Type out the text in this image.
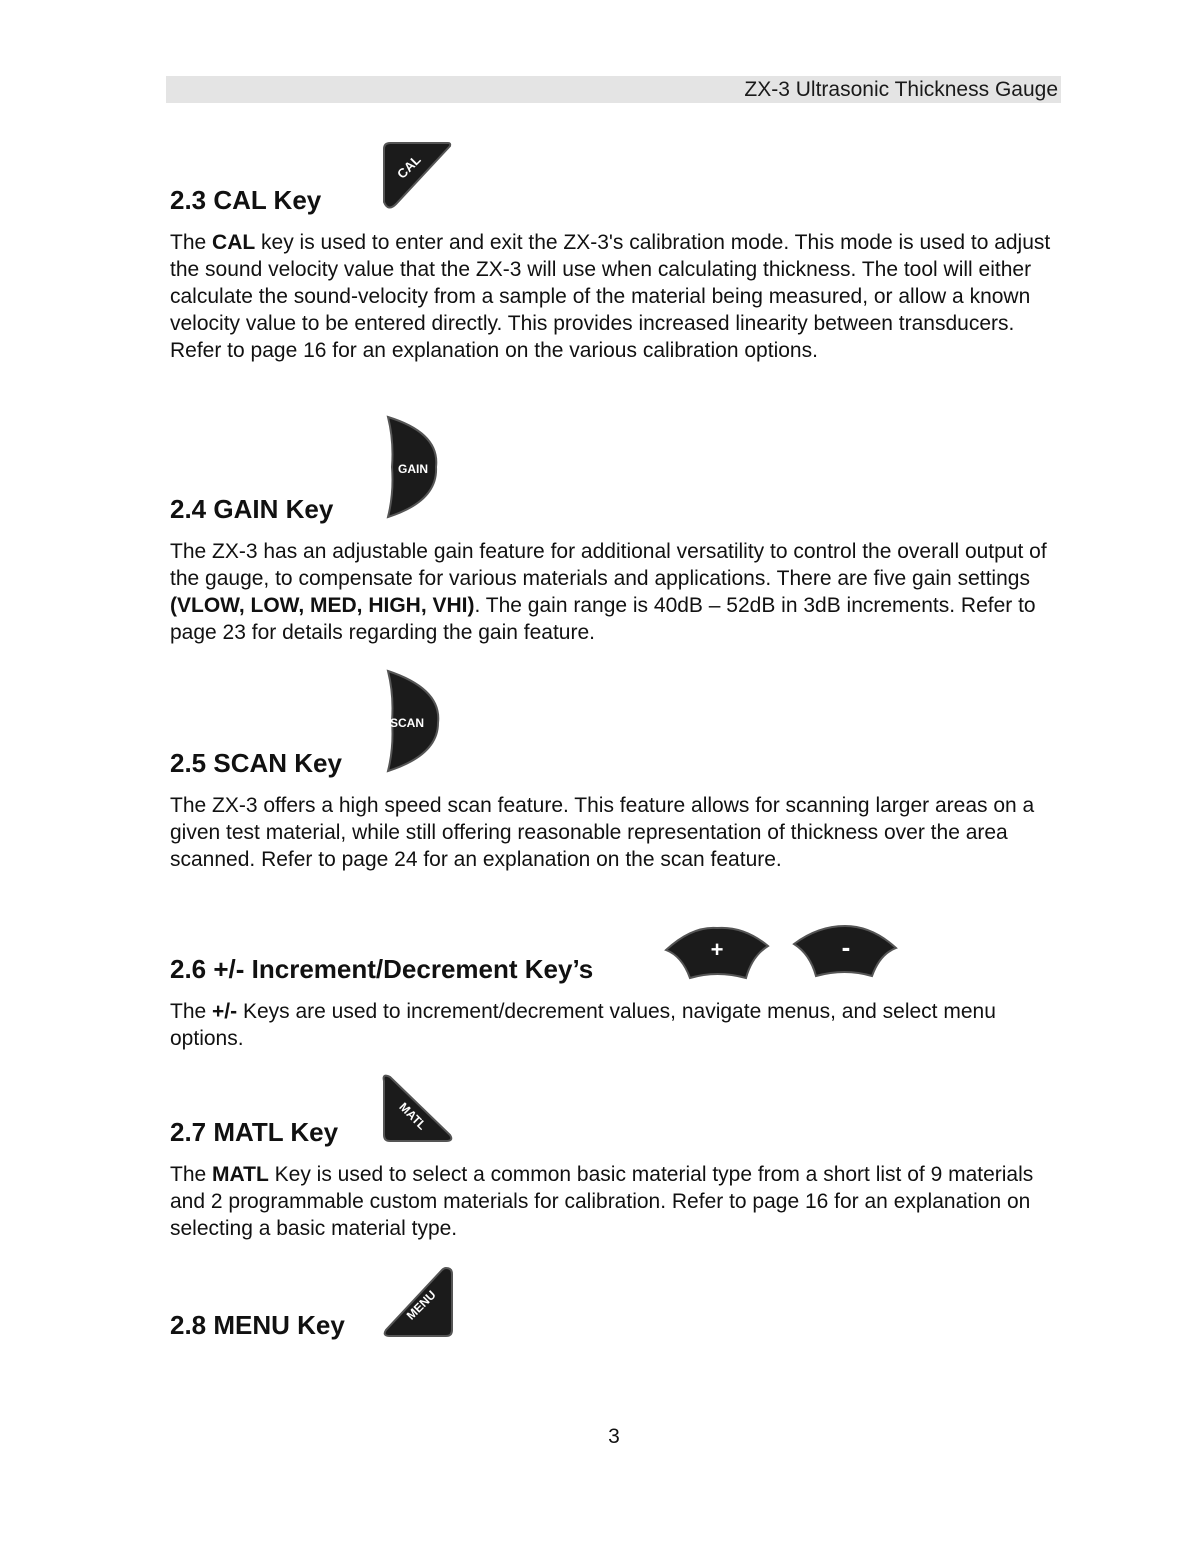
ZX-3 Ultrasonic Thickness Gauge
2.3 CAL Key
CAL

The CAL key is used to enter and exit the ZX-3's calibration mode. This mode is used to adjust the sound velocity value that the ZX-3 will use when calculating thickness. The tool will either calculate the sound-velocity from a sample of the material being measured, or allow a known velocity value to be entered directly. This provides increased linearity between transducers. Refer to page 16 for an explanation on the various calibration options.

2.4 GAIN Key
GAIN

The ZX-3 has an adjustable gain feature for additional versatility to control the overall output of the gauge, to compensate for various materials and applications. There are five gain settings (VLOW, LOW, MED, HIGH, VHI). The gain range is 40dB – 52dB in 3dB increments. Refer to page 23 for details regarding the gain feature.

2.5 SCAN Key
SCAN

The ZX-3 offers a high speed scan feature. This feature allows for scanning larger areas on a given test material, while still offering reasonable representation of thickness over the area scanned. Refer to page 24 for an explanation on the scan feature.

2.6 +/- Increment/Decrement Key’s
+	-

The +/- Keys are used to increment/decrement values, navigate menus, and select menu options.

2.7 MATL Key	MATL

The MATL Key is used to select a common basic material type from a short list of 9 materials and 2 programmable custom materials for calibration. Refer to page 16 for an explanation on selecting a basic material type.

2.8 MENU Key
MENU
3
